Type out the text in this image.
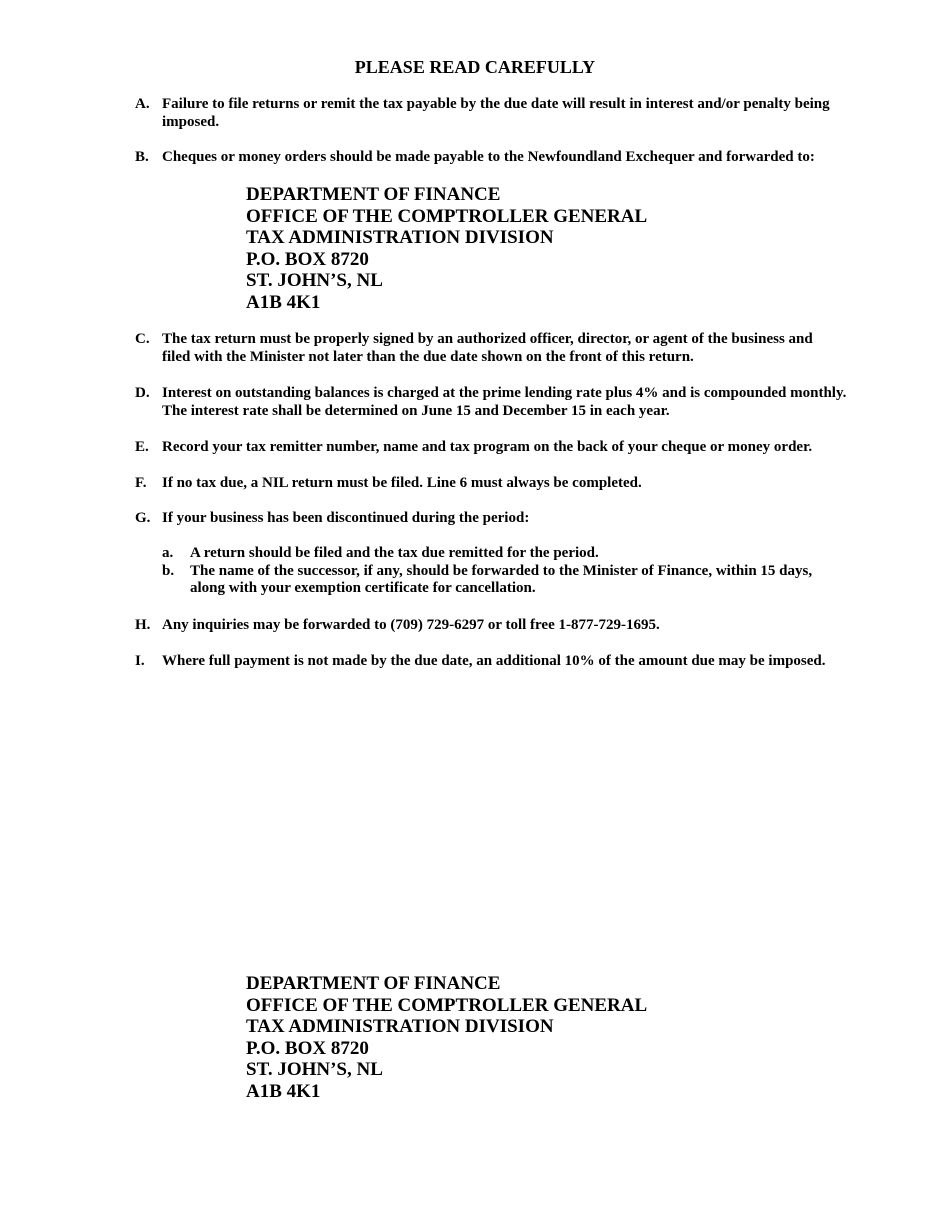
PLEASE READ CAREFULLY
A. Failure to file returns or remit the tax payable by the due date will result in interest and/or penalty being
imposed.
B. Cheques or money orders should be made payable to the Newfoundland Exchequer and forwarded to:
DEPARTMENT OF FINANCE
OFFICE OF THE COMPTROLLER GENERAL
TAX ADMINISTRATION DIVISION
P.O. BOX 8720
ST. JOHN’S, NL
A1B 4K1
C. The tax return must be properly signed by an authorized officer, director, or agent of the business and
filed with the Minister not later than the due date shown on the front of this return.
D. Interest on outstanding balances is charged at the prime lending rate plus 4% and is compounded monthly.
The interest rate shall be determined on June 15 and December 15 in each year.
E. Record your tax remitter number, name and tax program on the back of your cheque or money order.
F. If no tax due, a NIL return must be filed. Line 6 must always be completed.
G. If your business has been discontinued during the period:
a. A return should be filed and the tax due remitted for the period.
b. The name of the successor, if any, should be forwarded to the Minister of Finance, within 15 days,
along with your exemption certificate for cancellation.
H. Any inquiries may be forwarded to (709) 729-6297 or toll free 1-877-729-1695.
I. Where full payment is not made by the due date, an additional 10% of the amount due may be imposed.
DEPARTMENT OF FINANCE
OFFICE OF THE COMPTROLLER GENERAL
TAX ADMINISTRATION DIVISION
P.O. BOX 8720
ST. JOHN’S, NL
A1B 4K1
